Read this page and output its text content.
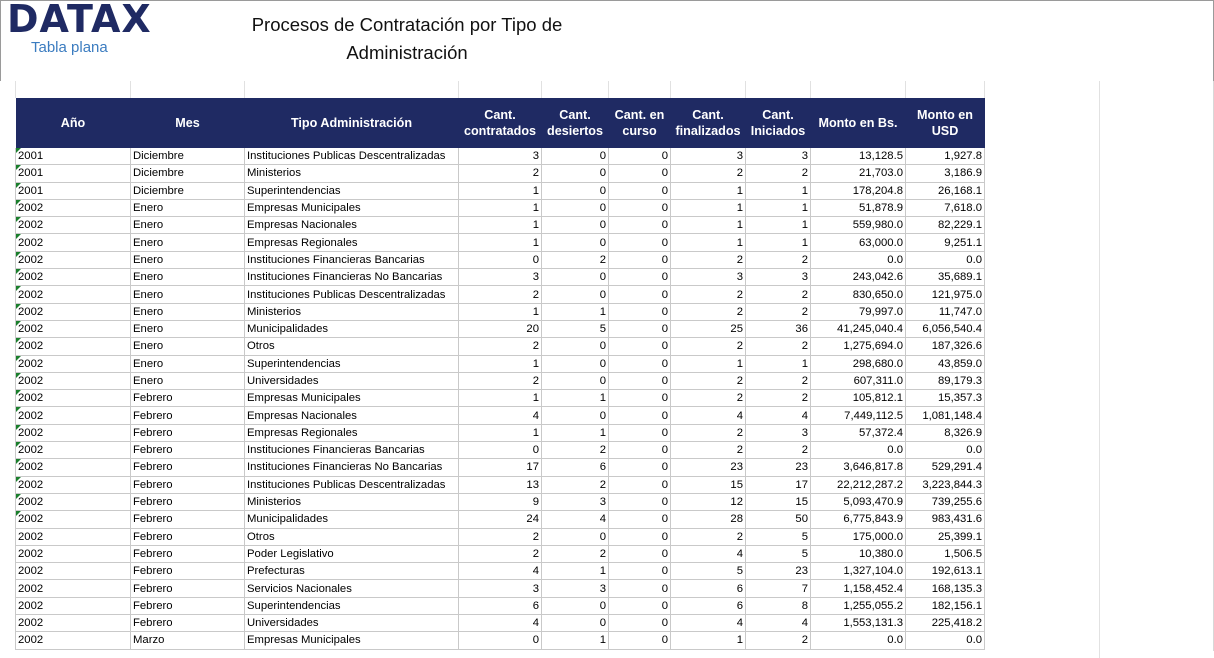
DATAX
Tabla plana
Procesos de Contratación por Tipo de Administración
Año	Mes	Tipo Administración	Cant. contratados	Cant. desiertos	Cant. en curso	Cant. finalizados	Cant. Iniciados	Monto en Bs.	Monto en USD
2001	Diciembre	Instituciones Publicas Descentralizadas	3	0	0	3	3	13,128.5	1,927.8
2001	Diciembre	Ministerios	2	0	0	2	2	21,703.0	3,186.9
2001	Diciembre	Superintendencias	1	0	0	1	1	178,204.8	26,168.1
2002	Enero	Empresas Municipales	1	0	0	1	1	51,878.9	7,618.0
2002	Enero	Empresas Nacionales	1	0	0	1	1	559,980.0	82,229.1
2002	Enero	Empresas Regionales	1	0	0	1	1	63,000.0	9,251.1
2002	Enero	Instituciones Financieras Bancarias	0	2	0	2	2	0.0	0.0
2002	Enero	Instituciones Financieras No Bancarias	3	0	0	3	3	243,042.6	35,689.1
2002	Enero	Instituciones Publicas Descentralizadas	2	0	0	2	2	830,650.0	121,975.0
2002	Enero	Ministerios	1	1	0	2	2	79,997.0	11,747.0
2002	Enero	Municipalidades	20	5	0	25	36	41,245,040.4	6,056,540.4
2002	Enero	Otros	2	0	0	2	2	1,275,694.0	187,326.6
2002	Enero	Superintendencias	1	0	0	1	1	298,680.0	43,859.0
2002	Enero	Universidades	2	0	0	2	2	607,311.0	89,179.3
2002	Febrero	Empresas Municipales	1	1	0	2	2	105,812.1	15,357.3
2002	Febrero	Empresas Nacionales	4	0	0	4	4	7,449,112.5	1,081,148.4
2002	Febrero	Empresas Regionales	1	1	0	2	3	57,372.4	8,326.9
2002	Febrero	Instituciones Financieras Bancarias	0	2	0	2	2	0.0	0.0
2002	Febrero	Instituciones Financieras No Bancarias	17	6	0	23	23	3,646,817.8	529,291.4
2002	Febrero	Instituciones Publicas Descentralizadas	13	2	0	15	17	22,212,287.2	3,223,844.3
2002	Febrero	Ministerios	9	3	0	12	15	5,093,470.9	739,255.6
2002	Febrero	Municipalidades	24	4	0	28	50	6,775,843.9	983,431.6
2002	Febrero	Otros	2	0	0	2	5	175,000.0	25,399.1
2002	Febrero	Poder Legislativo	2	2	0	4	5	10,380.0	1,506.5
2002	Febrero	Prefecturas	4	1	0	5	23	1,327,104.0	192,613.1
2002	Febrero	Servicios Nacionales	3	3	0	6	7	1,158,452.4	168,135.3
2002	Febrero	Superintendencias	6	0	0	6	8	1,255,055.2	182,156.1
2002	Febrero	Universidades	4	0	0	4	4	1,553,131.3	225,418.2
2002	Marzo	Empresas Municipales	0	1	0	1	2	0.0	0.0
